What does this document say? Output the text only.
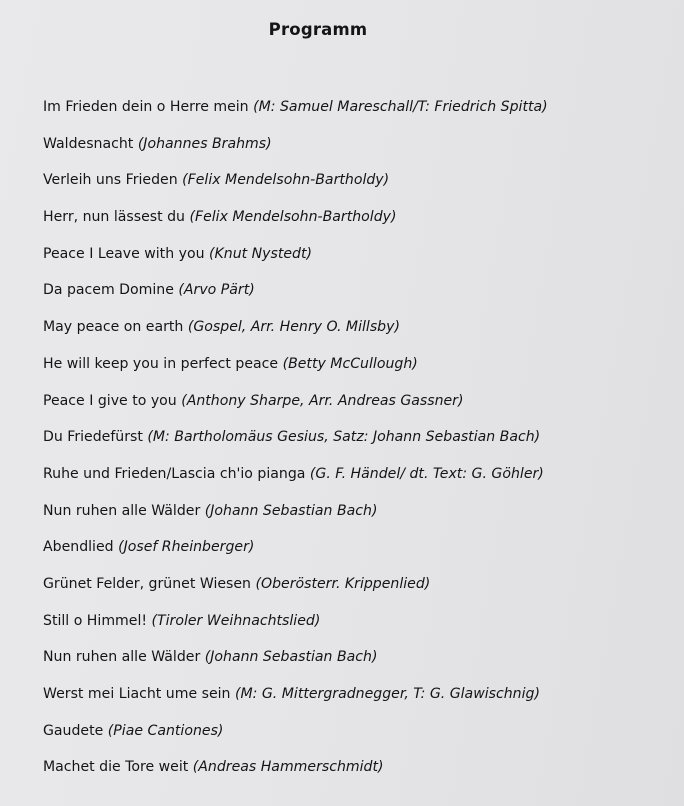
Programm
Im Frieden dein o Herre mein (M: Samuel Mareschall/T: Friedrich Spitta)
Waldesnacht (Johannes Brahms)
Verleih uns Frieden (Felix Mendelsohn-Bartholdy)
Herr, nun lässest du (Felix Mendelsohn-Bartholdy)
Peace I Leave with you (Knut Nystedt)
Da pacem Domine (Arvo Pärt)
May peace on earth (Gospel, Arr. Henry O. Millsby)
He will keep you in perfect peace (Betty McCullough)
Peace I give to you (Anthony Sharpe, Arr. Andreas Gassner)
Du Friedefürst (M: Bartholomäus Gesius, Satz: Johann Sebastian Bach)
Ruhe und Frieden/Lascia ch'io pianga (G. F. Händel/ dt. Text: G. Göhler)
Nun ruhen alle Wälder (Johann Sebastian Bach)
Abendlied (Josef Rheinberger)
Grünet Felder, grünet Wiesen (Oberösterr. Krippenlied)
Still o Himmel! (Tiroler Weihnachtslied)
Nun ruhen alle Wälder (Johann Sebastian Bach)
Werst mei Liacht ume sein (M: G. Mittergradnegger, T: G. Glawischnig)
Gaudete (Piae Cantiones)
Machet die Tore weit (Andreas Hammerschmidt)
